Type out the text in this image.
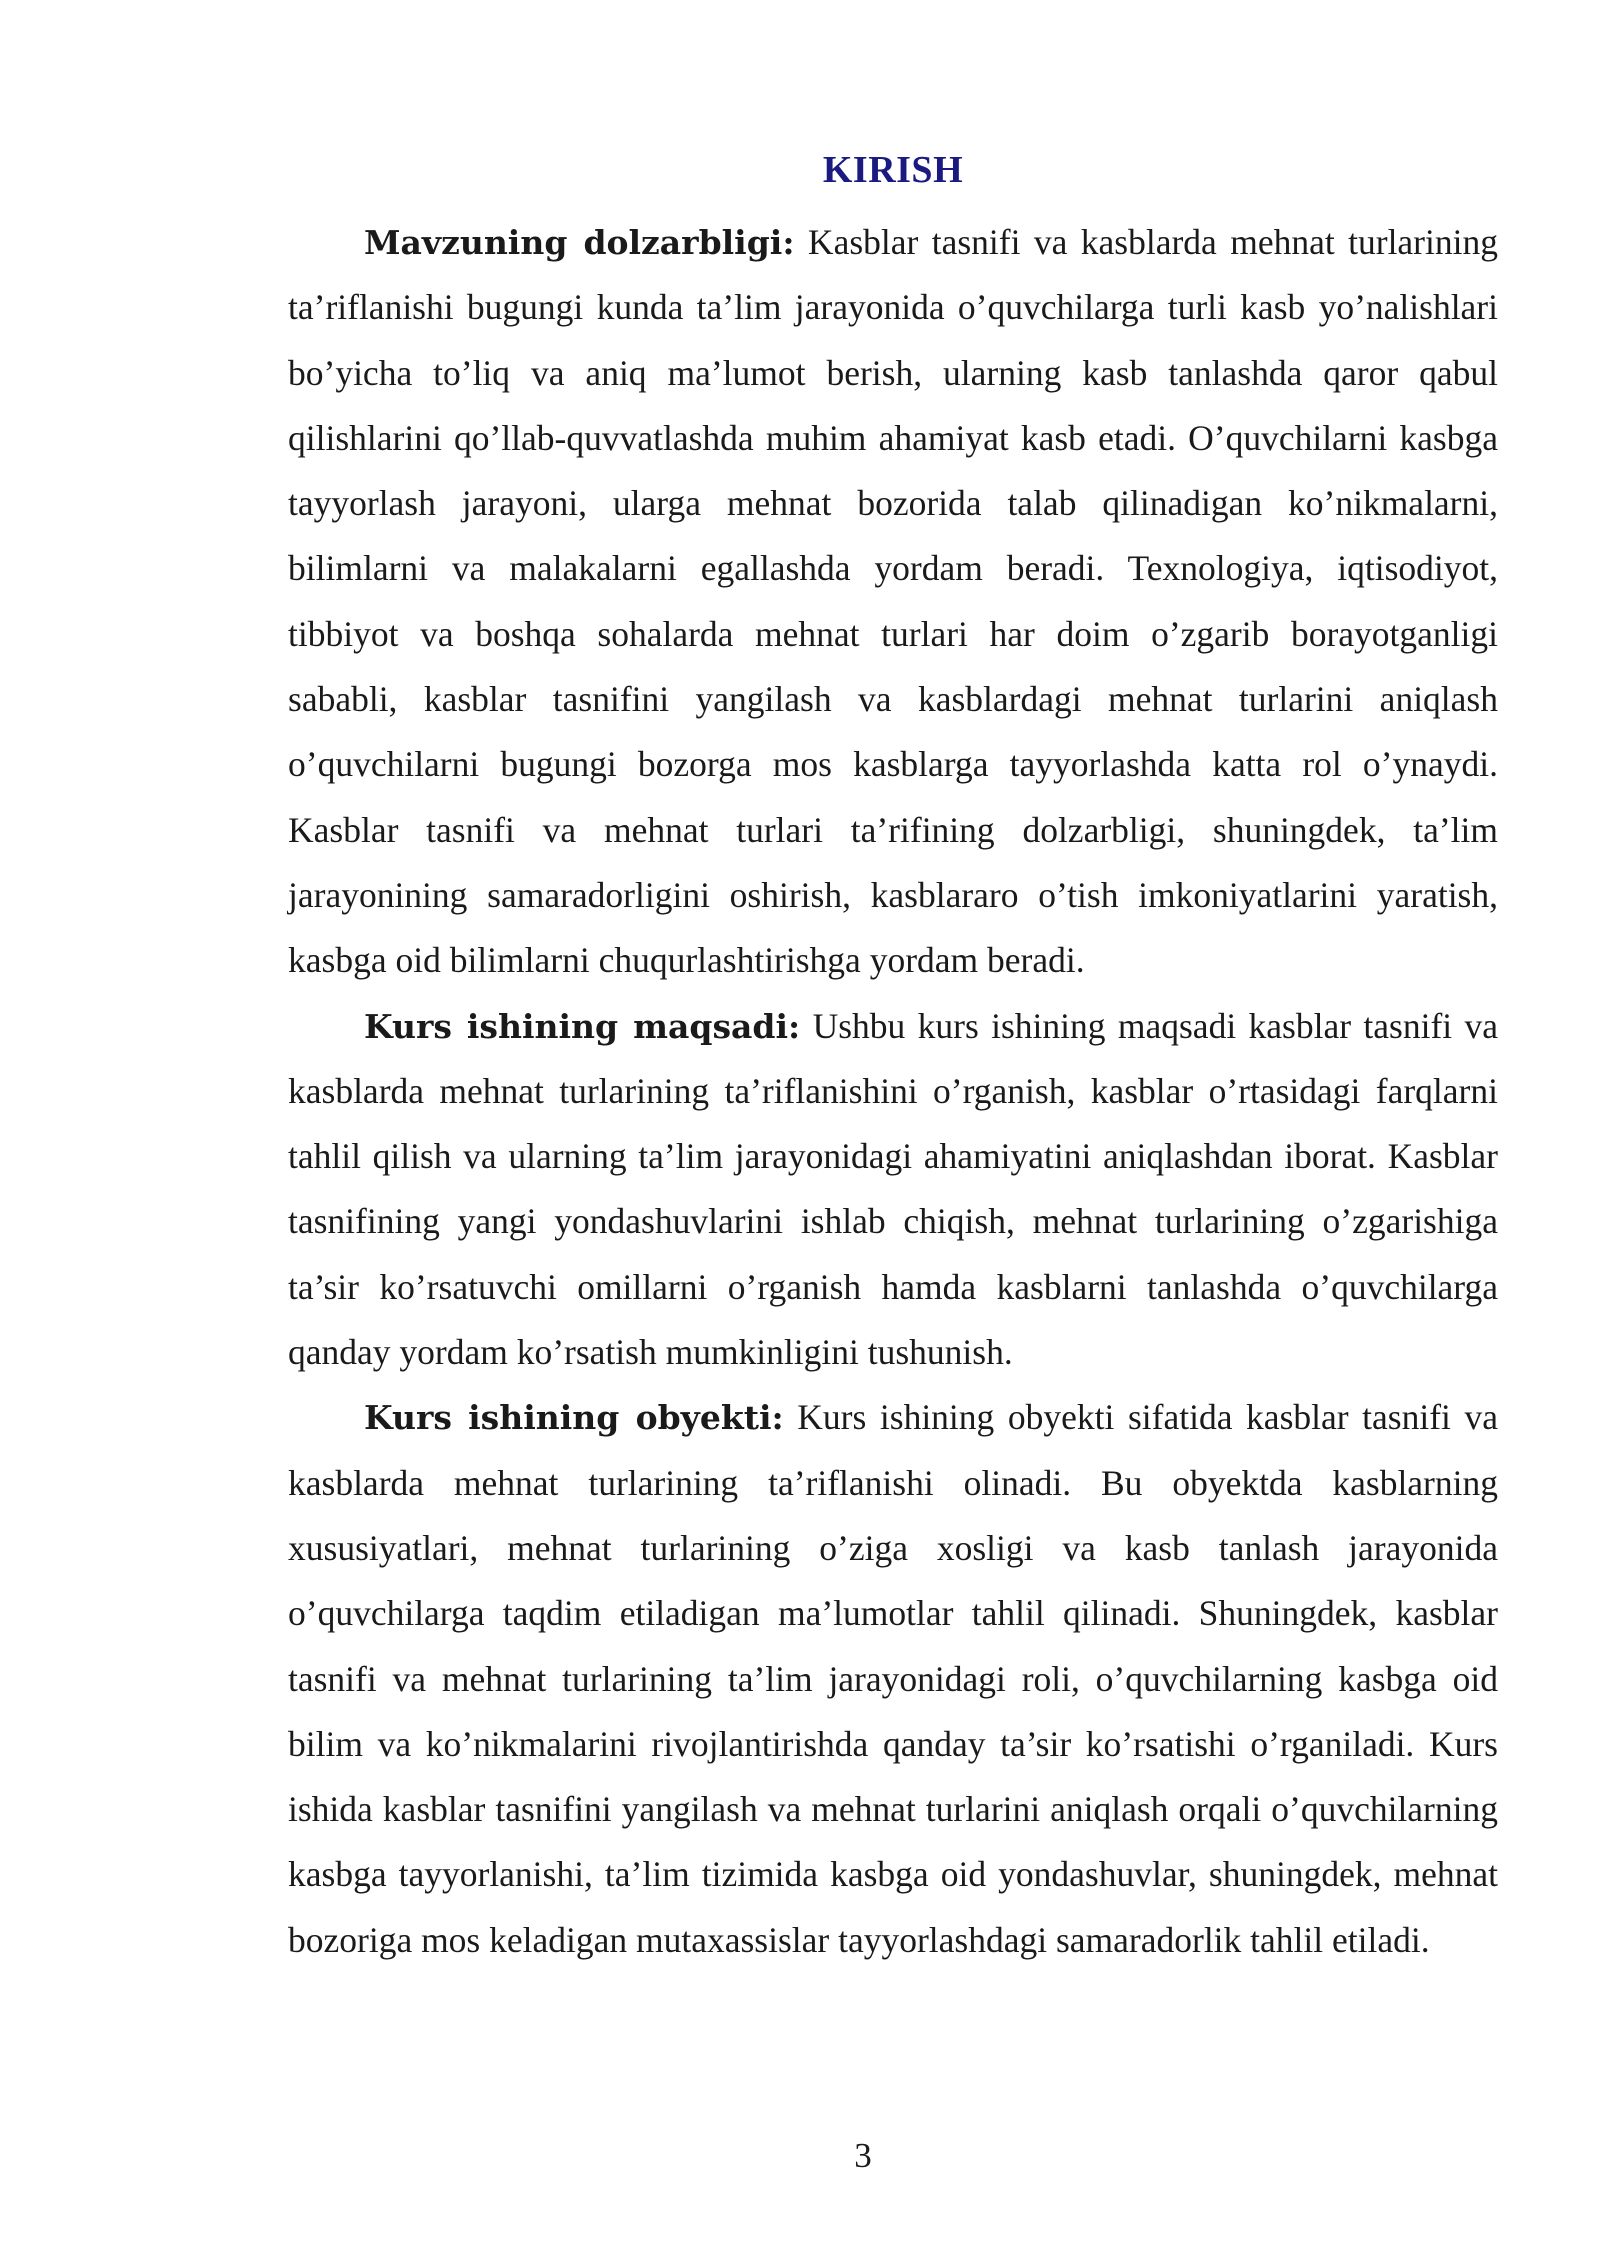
KIRISH

Mavzuning dolzarbligi: Kasblar tasnifi va kasblarda mehnat turlarining ta’riflanishi bugungi kunda ta’lim jarayonida o’quvchilarga turli kasb yo’nalishlari bo’yicha to’liq va aniq ma’lumot berish, ularning kasb tanlashda qaror qabul qilishlarini qo’llab-quvvatlashda muhim ahamiyat kasb etadi. O’quvchilarni kasbga tayyorlash jarayoni, ularga mehnat bozorida talab qilinadigan ko’nikmalarni, bilimlarni va malakalarni egallashda yordam beradi. Texnologiya, iqtisodiyot, tibbiyot va boshqa sohalarda mehnat turlari har doim o’zgarib borayotganligi sababli, kasblar tasnifini yangilash va kasblardagi mehnat turlarini aniqlash o’quvchilarni bugungi bozorga mos kasblarga tayyorlashda katta rol o’ynaydi. Kasblar tasnifi va mehnat turlari ta’rifining dolzarbligi, shuningdek, ta’lim jarayonining samaradorligini oshirish, kasblararo o’tish imkoniyatlarini yaratish, kasbga oid bilimlarni chuqurlashtirishga yordam beradi.

Kurs ishining maqsadi: Ushbu kurs ishining maqsadi kasblar tasnifi va kasblarda mehnat turlarining ta’riflanishini o’rganish, kasblar o’rtasidagi farqlarni tahlil qilish va ularning ta’lim jarayonidagi ahamiyatini aniqlashdan iborat. Kasblar tasnifining yangi yondashuvlarini ishlab chiqish, mehnat turlarining o’zgarishiga ta’sir ko’rsatuvchi omillarni o’rganish hamda kasblarni tanlashda o’quvchilarga qanday yordam ko’rsatish mumkinligini tushunish.

Kurs ishining obyekti: Kurs ishining obyekti sifatida kasblar tasnifi va kasblarda mehnat turlarining ta’riflanishi olinadi. Bu obyektda kasblarning xususiyatlari, mehnat turlarining o’ziga xosligi va kasb tanlash jarayonida o’quvchilarga taqdim etiladigan ma’lumotlar tahlil qilinadi. Shuningdek, kasblar tasnifi va mehnat turlarining ta’lim jarayonidagi roli, o’quvchilarning kasbga oid bilim va ko’nikmalarini rivojlantirishda qanday ta’sir ko’rsatishi o’rganiladi. Kurs ishida kasblar tasnifini yangilash va mehnat turlarini aniqlash orqali o’quvchilarning kasbga tayyorlanishi, ta’lim tizimida kasbga oid yondashuvlar, shuningdek, mehnat bozoriga mos keladigan mutaxassislar tayyorlashdagi samaradorlik tahlil etiladi.

3
